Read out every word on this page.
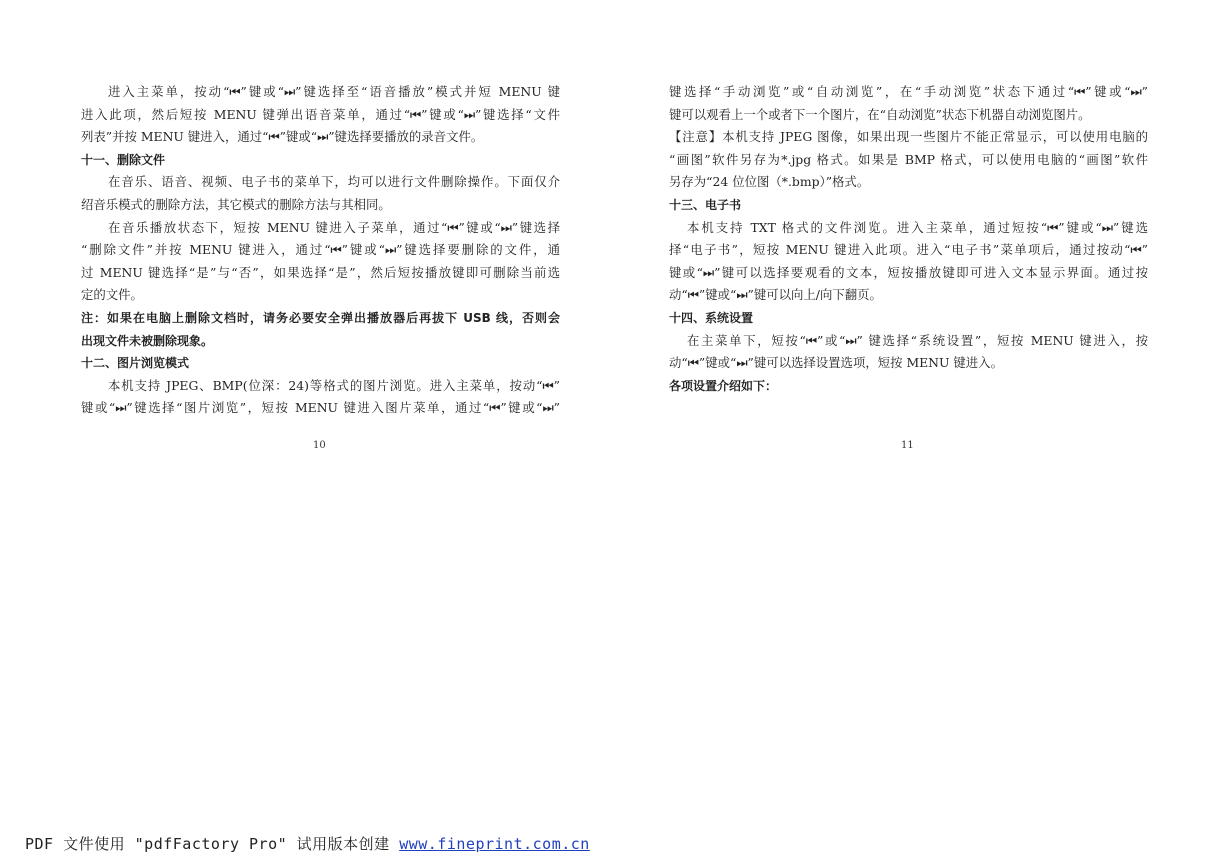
进入主菜单，按动“⏮”键或“⏭”键选择至“语音播放”模式并短 MENU 键
进入此项，然后短按 MENU 键弹出语音菜单，通过“⏮”键或“⏭”键选择“文件
列表”并按 MENU 键进入，通过“⏮”键或“⏭”键选择要播放的录音文件。
十一、删除文件
在音乐、语音、视频、电子书的菜单下，均可以进行文件删除操作。下面仅介
绍音乐模式的删除方法，其它模式的删除方法与其相同。
在音乐播放状态下，短按 MENU 键进入子菜单，通过“⏮”键或“⏭”键选择
“删除文件”并按 MENU 键进入，通过“⏮”键或“⏭”键选择要删除的文件，通
过 MENU 键选择“是”与“否”，如果选择“是”，然后短按播放键即可删除当前选
定的文件。
注：如果在电脑上删除文档时，请务必要安全弹出播放器后再拔下 USB 线，否则会
出现文件未被删除现象。
十二、图片浏览模式
本机支持 JPEG、BMP(位深：24)等格式的图片浏览。进入主菜单，按动“⏮”
键或“⏭”键选择“图片浏览”，短按 MENU 键进入图片菜单，通过“⏮”键或“⏭”
键选择“手动浏览”或“自动浏览”，在“手动浏览”状态下通过“⏮”键或“⏭”
键可以观看上一个或者下一个图片，在“自动浏览”状态下机器自动浏览图片。
【注意】本机支持 JPEG 图像，如果出现一些图片不能正常显示，可以使用电脑的
“画图”软件另存为*.jpg 格式。如果是 BMP 格式，可以使用电脑的“画图”软件
另存为“24 位位图（*.bmp）”格式。
十三、电子书
本机支持 TXT 格式的文件浏览。进入主菜单，通过短按“⏮”键或“⏭”键选
择“电子书”，短按 MENU 键进入此项。进入“电子书”菜单项后，通过按动“⏮”
键或“⏭”键可以选择要观看的文本，短按播放键即可进入文本显示界面。通过按
动“⏮”键或“⏭”键可以向上/向下翻页。
十四、系统设置
在主菜单下，短按“⏮”或“⏭” 键选择“系统设置”，短按 MENU 键进入，按
动“⏮”键或“⏭”键可以选择设置选项，短按 MENU 键进入。
各项设置介绍如下：
10	11
PDF 文件使用 "pdfFactory Pro" 试用版本创建 www.fineprint.com.cn
